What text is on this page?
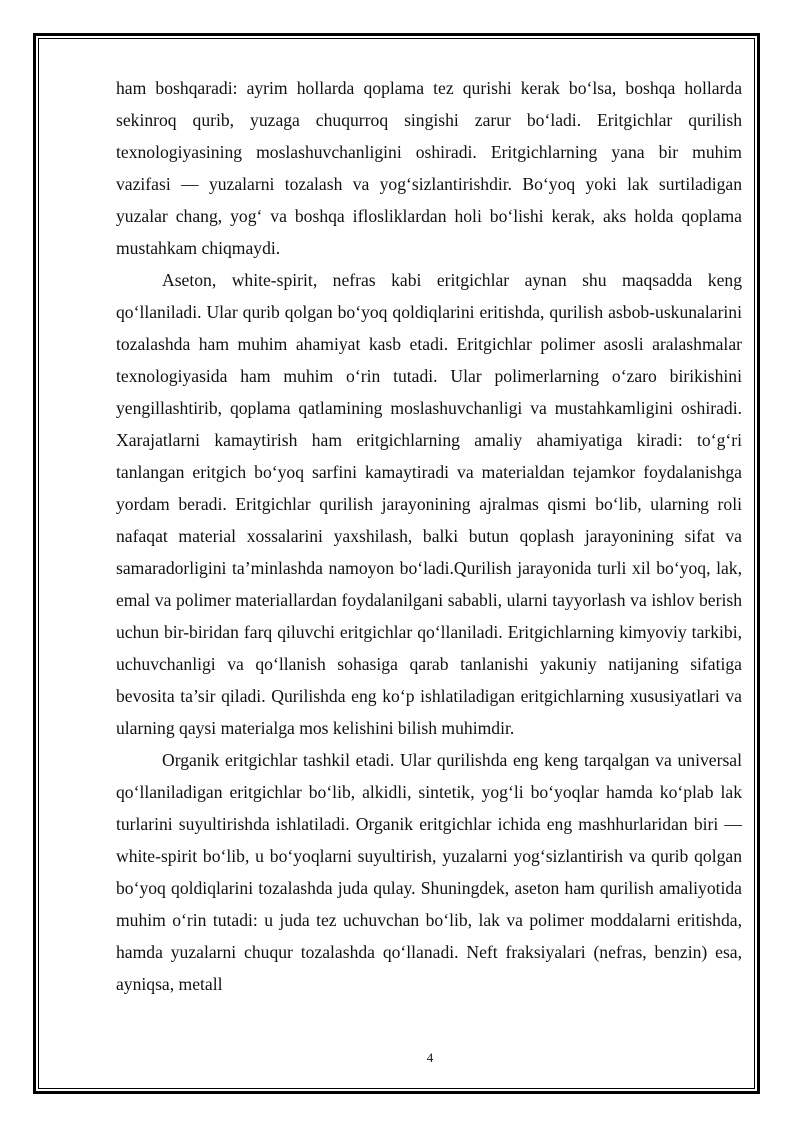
ham boshqaradi: ayrim hollarda qoplama tez qurishi kerak bo‘lsa, boshqa hollarda sekinroq qurib, yuzaga chuqurroq singishi zarur bo‘ladi. Eritgichlar qurilish texnologiyasining moslashuvchanligini oshiradi. Eritgichlarning yana bir muhim vazifasi — yuzalarni tozalash va yog‘sizlantirishdir. Bo‘yoq yoki lak surtiladigan yuzalar chang, yog‘ va boshqa iflosliklardan holi bo‘lishi kerak, aks holda qoplama mustahkam chiqmaydi.

Aseton, white-spirit, nefras kabi eritgichlar aynan shu maqsadda keng qo‘llaniladi. Ular qurib qolgan bo‘yoq qoldiqlarini eritishda, qurilish asbob-uskunalarini tozalashda ham muhim ahamiyat kasb etadi. Eritgichlar polimer asosli aralashmalar texnologiyasida ham muhim o‘rin tutadi. Ular polimerlarning o‘zaro birikishini yengillashtirib, qoplama qatlamining moslashuvchanligi va mustahkamligini oshiradi. Xarajatlarni kamaytirish ham eritgichlarning amaliy ahamiyatiga kiradi: to‘g‘ri tanlangan eritgich bo‘yoq sarfini kamaytiradi va materialdan tejamkor foydalanishga yordam beradi. Eritgichlar qurilish jarayonining ajralmas qismi bo‘lib, ularning roli nafaqat material xossalarini yaxshilash, balki butun qoplash jarayonining sifat va samaradorligini ta’minlashda namoyon bo‘ladi.Qurilish jarayonida turli xil bo‘yoq, lak, emal va polimer materiallardan foydalanilgani sababli, ularni tayyorlash va ishlov berish uchun bir-biridan farq qiluvchi eritgichlar qo‘llaniladi. Eritgichlarning kimyoviy tarkibi, uchuvchanligi va qo‘llanish sohasiga qarab tanlanishi yakuniy natijaning sifatiga bevosita ta’sir qiladi. Qurilishda eng ko‘p ishlatiladigan eritgichlarning xususiyatlari va ularning qaysi materialga mos kelishini bilish muhimdir.

Organik eritgichlar tashkil etadi. Ular qurilishda eng keng tarqalgan va universal qo‘llaniladigan eritgichlar bo‘lib, alkidli, sintetik, yog‘li bo‘yoqlar hamda ko‘plab lak turlarini suyultirishda ishlatiladi. Organik eritgichlar ichida eng mashhurlaridan biri — white-spirit bo‘lib, u bo‘yoqlarni suyultirish, yuzalarni yog‘sizlantirish va qurib qolgan bo‘yoq qoldiqlarini tozalashda juda qulay. Shuningdek, aseton ham qurilish amaliyotida muhim o‘rin tutadi: u juda tez uchuvchan bo‘lib, lak va polimer moddalarni eritishda, hamda yuzalarni chuqur tozalashda qo‘llanadi. Neft fraksiyalari (nefras, benzin) esa, ayniqsa, metall

4
